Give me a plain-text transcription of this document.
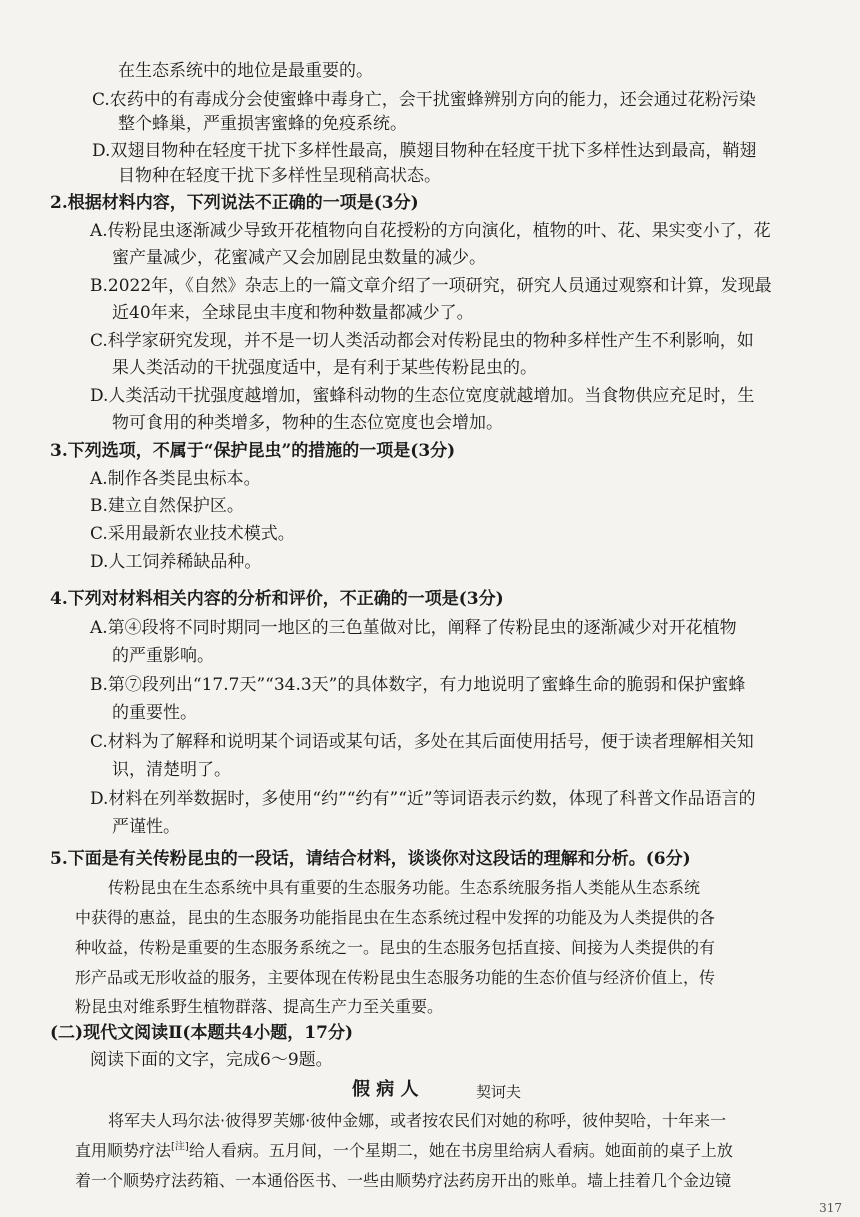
在生态系统中的地位是最重要的。
C.农药中的有毒成分会使蜜蜂中毒身亡，会干扰蜜蜂辨别方向的能力，还会通过花粉污染
整个蜂巢，严重损害蜜蜂的免疫系统。
D.双翅目物种在轻度干扰下多样性最高，膜翅目物种在轻度干扰下多样性达到最高，鞘翅
目物种在轻度干扰下多样性呈现稍高状态。
2.根据材料内容，下列说法不正确的一项是(3分)
A.传粉昆虫逐渐减少导致开花植物向自花授粉的方向演化，植物的叶、花、果实变小了，花
蜜产量减少，花蜜减产又会加剧昆虫数量的减少。
B.2022年，《自然》杂志上的一篇文章介绍了一项研究，研究人员通过观察和计算，发现最
近40年来，全球昆虫丰度和物种数量都减少了。
C.科学家研究发现，并不是一切人类活动都会对传粉昆虫的物种多样性产生不利影响，如
果人类活动的干扰强度适中，是有利于某些传粉昆虫的。
D.人类活动干扰强度越增加，蜜蜂科动物的生态位宽度就越增加。当食物供应充足时，生
物可食用的种类增多，物种的生态位宽度也会增加。
3.下列选项，不属于“保护昆虫”的措施的一项是(3分)
A.制作各类昆虫标本。
B.建立自然保护区。
C.采用最新农业技术模式。
D.人工饲养稀缺品种。
4.下列对材料相关内容的分析和评价，不正确的一项是(3分)
A.第④段将不同时期同一地区的三色堇做对比，阐释了传粉昆虫的逐渐减少对开花植物
的严重影响。
B.第⑦段列出“17.7天”“34.3天”的具体数字，有力地说明了蜜蜂生命的脆弱和保护蜜蜂
的重要性。
C.材料为了解释和说明某个词语或某句话，多处在其后面使用括号，便于读者理解相关知
识，清楚明了。
D.材料在列举数据时，多使用“约”“约有”“近”等词语表示约数，体现了科普文作品语言的
严谨性。
5.下面是有关传粉昆虫的一段话，请结合材料，谈谈你对这段话的理解和分析。(6分)
传粉昆虫在生态系统中具有重要的生态服务功能。生态系统服务指人类能从生态系统
中获得的惠益，昆虫的生态服务功能指昆虫在生态系统过程中发挥的功能及为人类提供的各
种收益，传粉是重要的生态服务系统之一。昆虫的生态服务包括直接、间接为人类提供的有
形产品或无形收益的服务，主要体现在传粉昆虫生态服务功能的生态价值与经济价值上，传
粉昆虫对维系野生植物群落、提高生产力至关重要。
(二)现代文阅读Ⅱ(本题共4小题，17分)
阅读下面的文字，完成6～9题。
假 病 人	契诃夫
将军夫人玛尔法·彼得罗芙娜·彼仲金娜，或者按农民们对她的称呼，彼仲契哈，十年来一
直用顺势疗法[注]给人看病。五月间，一个星期二，她在书房里给病人看病。她面前的桌子上放
着一个顺势疗法药箱、一本通俗医书、一些由顺势疗法药房开出的账单。墙上挂着几个金边镜
317
